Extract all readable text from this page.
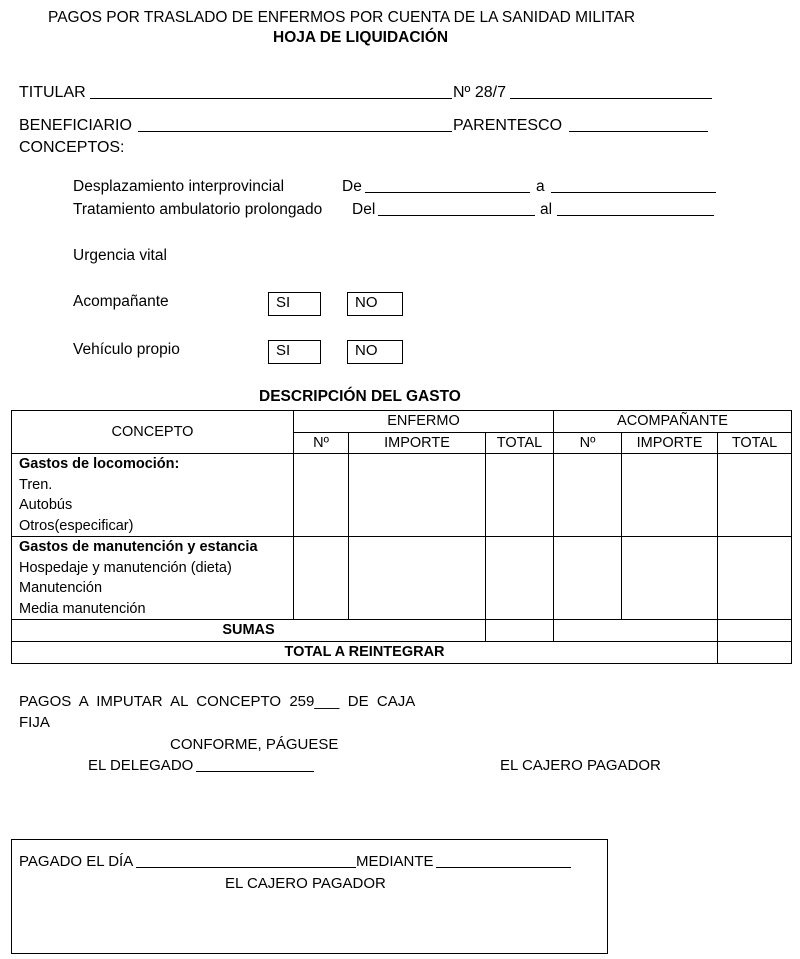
PAGOS POR TRASLADO DE ENFERMOS POR CUENTA DE LA SANIDAD MILITAR
HOJA DE LIQUIDACIÓN
TITULAR	Nº 28/7
BENEFICIARIO	PARENTESCO
CONCEPTOS:
Desplazamiento interprovincial	De	a
Tratamiento ambulatorio prolongado Del	al
Urgencia vital
Acompañante	SI	NO
Vehículo propio	SI	NO
DESCRIPCIÓN DEL GASTO
CONCEPTO	ENFERMO			ACOMPAÑANTE		
	Nº	IMPORTE	TOTAL	Nº	IMPORTE	TOTAL

Gastos de locomoción:
Tren.
Autobús
Otros(especificar)						

Gastos de manutención y estancia
Hospedaje y manutención (dieta)
Manutención
Media manutención						

SUMAS						
TOTAL A REINTEGRAR						
PAGOS  A  IMPUTAR  AL  CONCEPTO  259___  DE  CAJA
FIJA
CONFORME, PÁGUESE
EL DELEGADO	EL CAJERO PAGADOR
PAGADO EL DÍA	MEDIANTE
EL CAJERO PAGADOR
